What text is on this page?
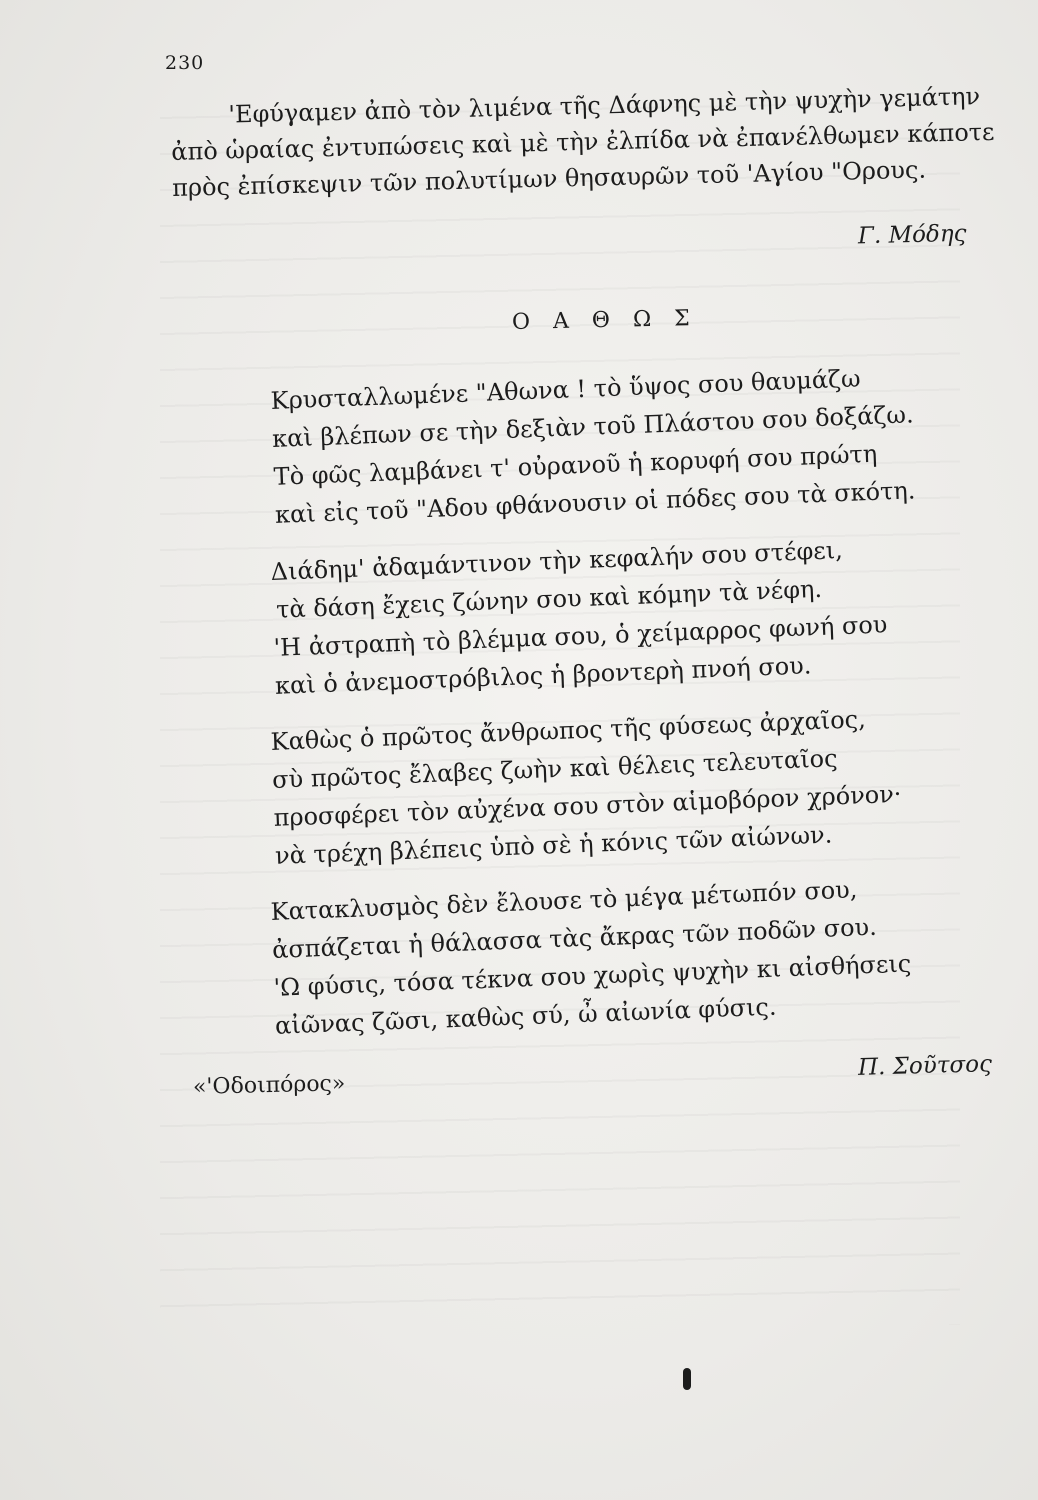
230
'Εφύγαμεν ἀπὸ τὸν λιμένα τῆς Δάφνης μὲ τὴν ψυχὴν γεμάτην
ἀπὸ ὡραίας ἐντυπώσεις καὶ μὲ τὴν ἐλπίδα νὰ ἐπανέλθωμεν κάποτε
πρὸς ἐπίσκεψιν τῶν πολυτίμων θησαυρῶν τοῦ 'Αγίου "Ορους.
Γ. Μόδης
Ο Α Θ Ω Σ
Κρυσταλλωμένε "Αθωνα ! τὸ ὕψος σου θαυμάζω
καὶ βλέπων σε τὴν δεξιὰν τοῦ Πλάστου σου δοξάζω.
Τὸ φῶς λαμβάνει τ' οὐρανοῦ ἡ κορυφή σου πρώτη
καὶ εἰς τοῦ "Αδου φθάνουσιν οἱ πόδες σου τὰ σκότη.
Διάδημ' ἀδαμάντινον τὴν κεφαλήν σου στέφει,
τὰ δάση ἔχεις ζώνην σου καὶ κόμην τὰ νέφη.
'Η ἀστραπὴ τὸ βλέμμα σου, ὁ χείμαρρος φωνή σου
καὶ ὁ ἀνεμοστρόβιλος ἡ βροντερὴ πνοή σου.
Καθὼς ὁ πρῶτος ἄνθρωπος τῆς φύσεως ἀρχαῖος,
σὺ πρῶτος ἔλαβες ζωὴν καὶ θέλεις τελευταῖος
προσφέρει τὸν αὐχένα σου στὸν αἱμοβόρον χρόνον·
νὰ τρέχη βλέπεις ὑπὸ σὲ ἡ κόνις τῶν αἰώνων.
Κατακλυσμὸς δὲν ἔλουσε τὸ μέγα μέτωπόν σου,
ἀσπάζεται ἡ θάλασσα τὰς ἄκρας τῶν ποδῶν σου.
'Ω φύσις, τόσα τέκνα σου χωρὶς ψυχὴν κι αἰσθήσεις
αἰῶνας ζῶσι, καθὼς σύ, ὦ αἰωνία φύσις.
Π. Σοῦτσος
«'Οδοιπόρος»
